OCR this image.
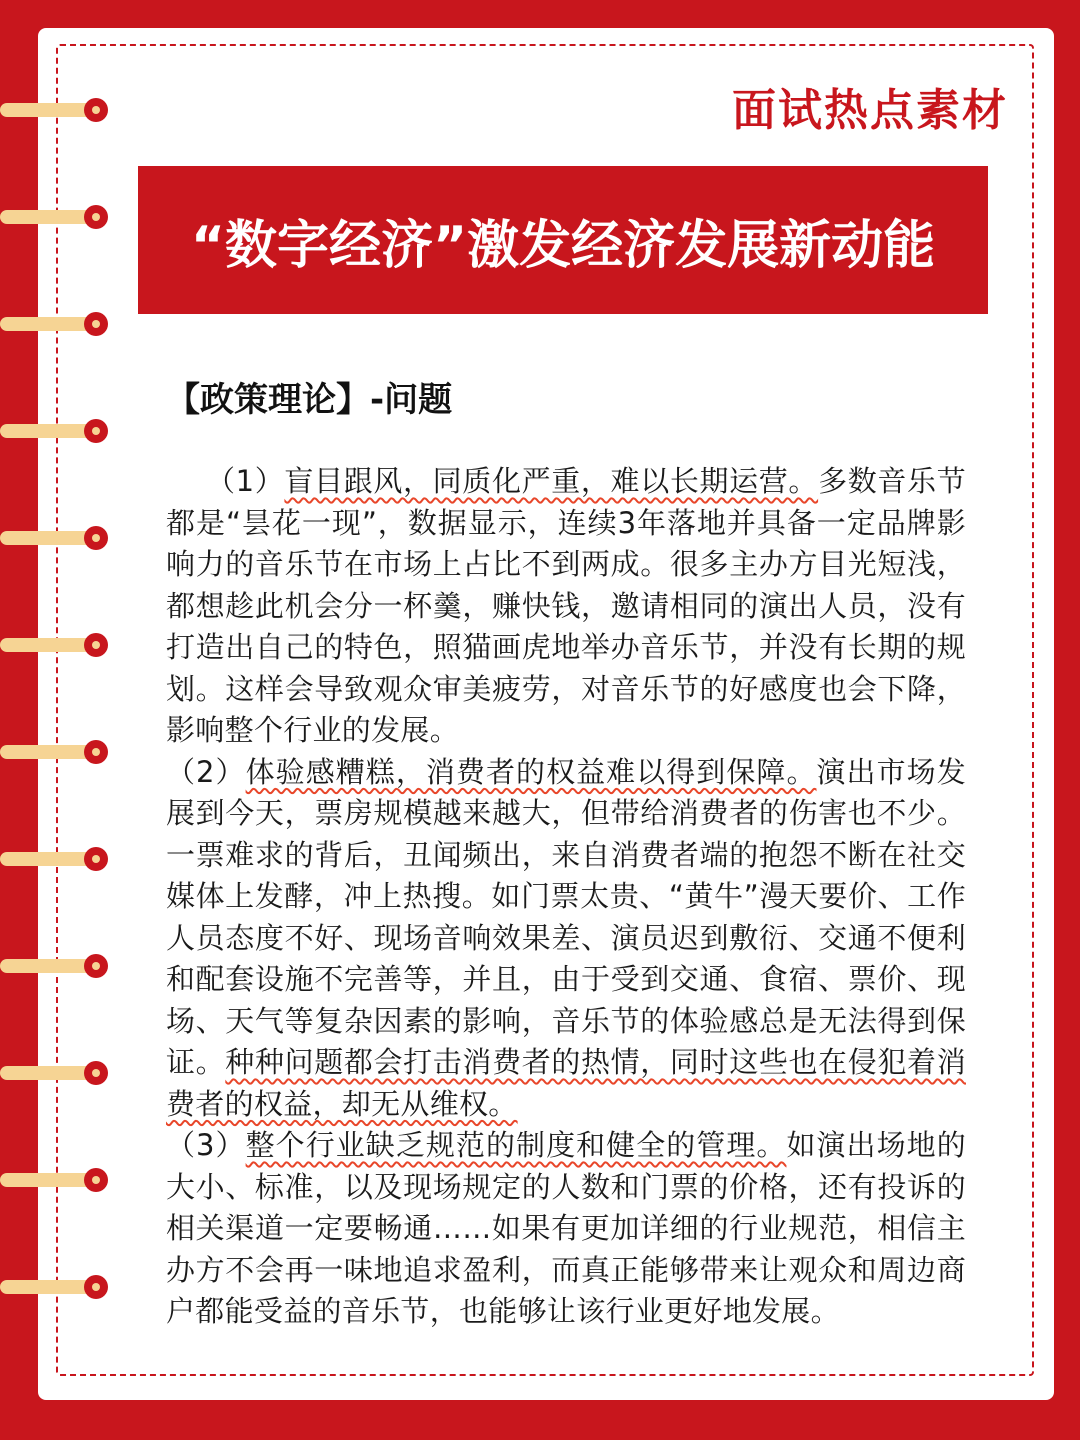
面试热点素材
“数字经济”激发经济发展新动能
【政策理论】-问题

（1）盲目跟风，同质化严重，难以长期运营。多数音乐节都是“昙花一现”，数据显示，连续3年落地并具备一定品牌影响力的音乐节在市场上占比不到两成。很多主办方目光短浅，都想趁此机会分一杯羹，赚快钱，邀请相同的演出人员，没有打造出自己的特色，照猫画虎地举办音乐节，并没有长期的规划。这样会导致观众审美疲劳，对音乐节的好感度也会下降，影响整个行业的发展。

（2）体验感糟糕，消费者的权益难以得到保障。演出市场发展到今天，票房规模越来越大，但带给消费者的伤害也不少。一票难求的背后，丑闻频出，来自消费者端的抱怨不断在社交媒体上发酵，冲上热搜。如门票太贵、“黄牛”漫天要价、工作人员态度不好、现场音响效果差、演员迟到敷衍、交通不便利和配套设施不完善等，并且，由于受到交通、食宿、票价、现场、天气等复杂因素的影响，音乐节的体验感总是无法得到保证。种种问题都会打击消费者的热情，同时这些也在侵犯着消费者的权益，却无从维权。

（3）整个行业缺乏规范的制度和健全的管理。如演出场地的大小、标准，以及现场规定的人数和门票的价格，还有投诉的相关渠道一定要畅通……如果有更加详细的行业规范，相信主办方不会再一味地追求盈利，而真正能够带来让观众和周边商户都能受益的音乐节，也能够让该行业更好地发展。
